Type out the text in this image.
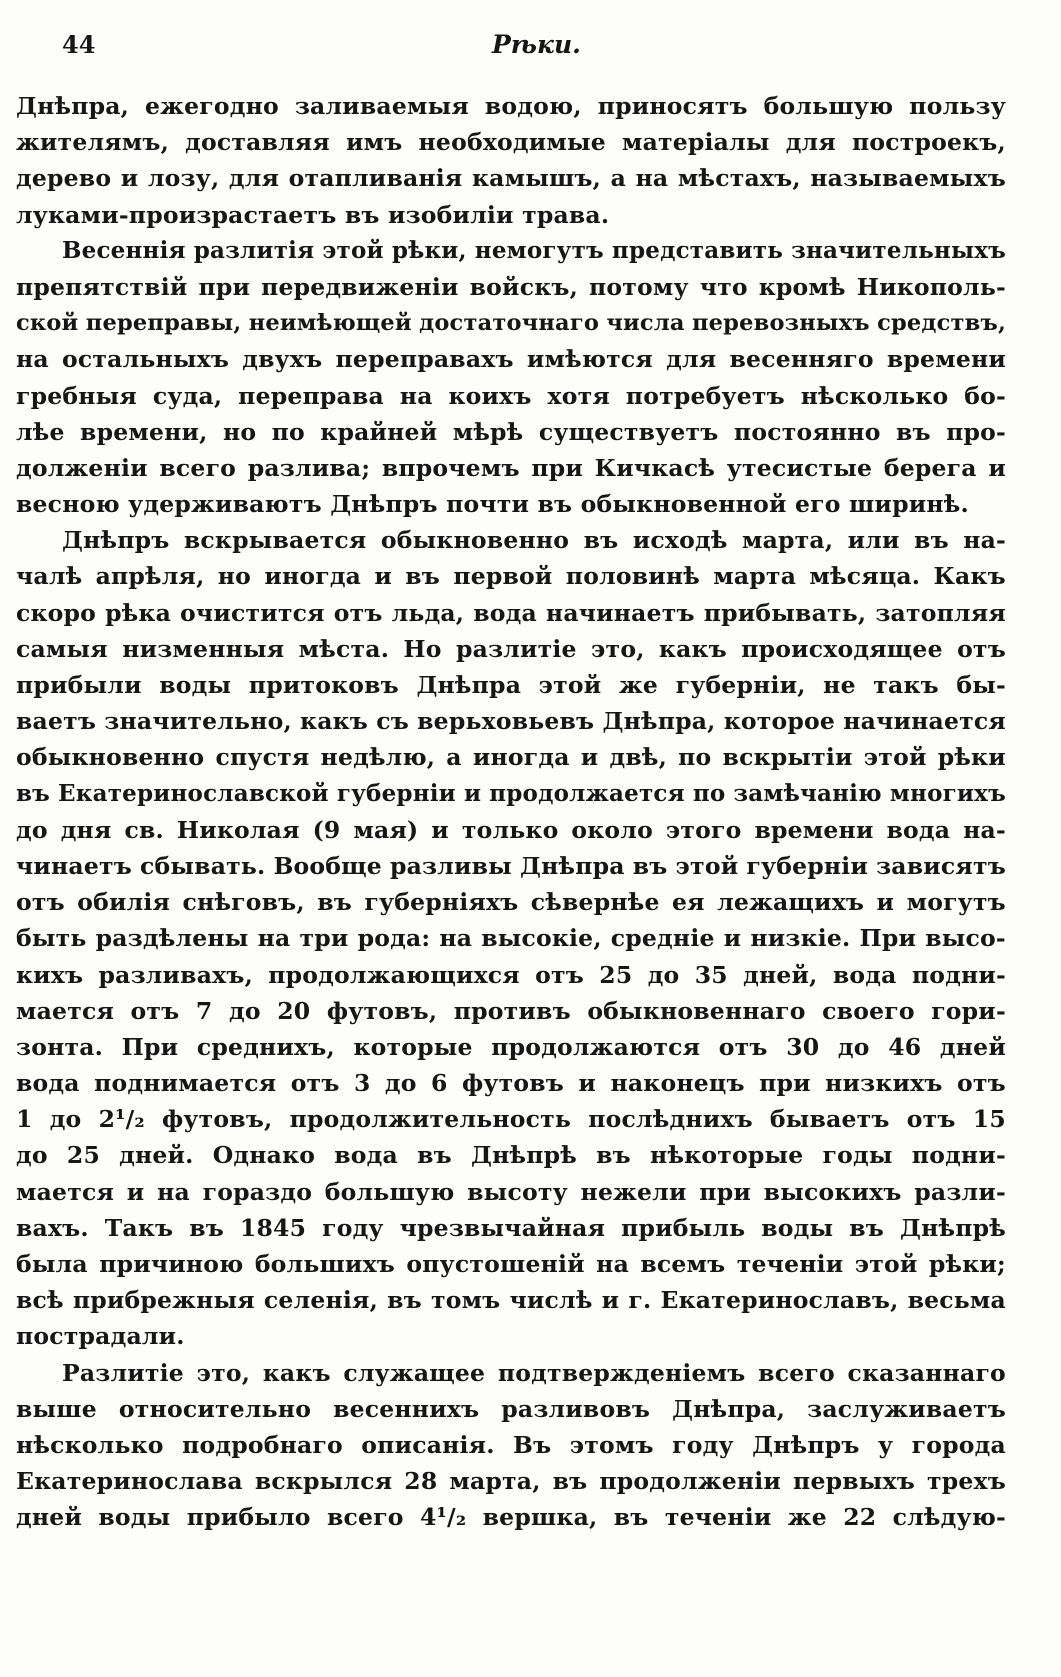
44	Рѣки.
Днѣпра, ежегодно заливаемыя водою, приносятъ большую пользу
жителямъ, доставляя имъ необходимые матеріалы для построекъ,
дерево и лозу, для отапливанія камышъ, а на мѣстахъ, называемыхъ
луками-произрастаетъ въ изобиліи трава.
Весеннія разлитія этой рѣки, немогутъ представить значительныхъ
препятствій при передвиженіи войскъ, потому что кромѣ Никополь-
ской переправы, неимѣющей достаточнаго числа перевозныхъ средствъ,
на остальныхъ двухъ переправахъ имѣются для весенняго времени
гребныя суда, переправа на коихъ хотя потребуетъ нѣсколько бо-
лѣе времени, но по крайней мѣрѣ существуетъ постоянно въ про-
долженіи всего разлива; впрочемъ при Кичкасѣ утесистые берега и
весною удерживаютъ Днѣпръ почти въ обыкновенной его ширинѣ.
Днѣпръ вскрывается обыкновенно въ исходѣ марта, или въ на-
чалѣ апрѣля, но иногда и въ первой половинѣ марта мѣсяца. Какъ
скоро рѣка очистится отъ льда, вода начинаетъ прибывать, затопляя
самыя низменныя мѣста. Но разлитіе это, какъ происходящее отъ
прибыли воды притоковъ Днѣпра этой же губерніи, не такъ бы-
ваетъ значительно, какъ съ верьховьевъ Днѣпра, которое начинается
обыкновенно спустя недѣлю, а иногда и двѣ, по вскрытіи этой рѣки
въ Екатеринославской губерніи и продолжается по замѣчанію многихъ
до дня св. Николая (9 мая) и только около этого времени вода на-
чинаетъ сбывать. Вообще разливы Днѣпра въ этой губерніи зависятъ
отъ обилія снѣговъ, въ губерніяхъ сѣвернѣе ея лежащихъ и могутъ
быть раздѣлены на три рода: на высокіе, средніе и низкіе. При высо-
кихъ разливахъ, продолжающихся отъ 25 до 35 дней, вода подни-
мается отъ 7 до 20 футовъ, противъ обыкновеннаго своего гори-
зонта. При среднихъ, которые продолжаются отъ 30 до 46 дней
вода поднимается отъ 3 до 6 футовъ и наконецъ при низкихъ отъ
1 до 2¹/₂ футовъ, продолжительность послѣднихъ бываетъ отъ 15
до 25 дней. Однако вода въ Днѣпрѣ въ нѣкоторые годы подни-
мается и на гораздо большую высоту нежели при высокихъ разли-
вахъ. Такъ въ 1845 году чрезвычайная прибыль воды въ Днѣпрѣ
была причиною большихъ опустошеній на всемъ теченіи этой рѣки;
всѣ прибрежныя селенія, въ томъ числѣ и г. Екатеринославъ, весьма
пострадали.
Разлитіе это, какъ служащее подтвержденіемъ всего сказаннаго
выше относительно весеннихъ разливовъ Днѣпра, заслуживаетъ
нѣсколько подробнаго описанія. Въ этомъ году Днѣпръ у города
Екатеринослава вскрылся 28 марта, въ продолженіи первыхъ трехъ
дней воды прибыло всего 4¹/₂ вершка, въ теченіи же 22 слѣдую-
